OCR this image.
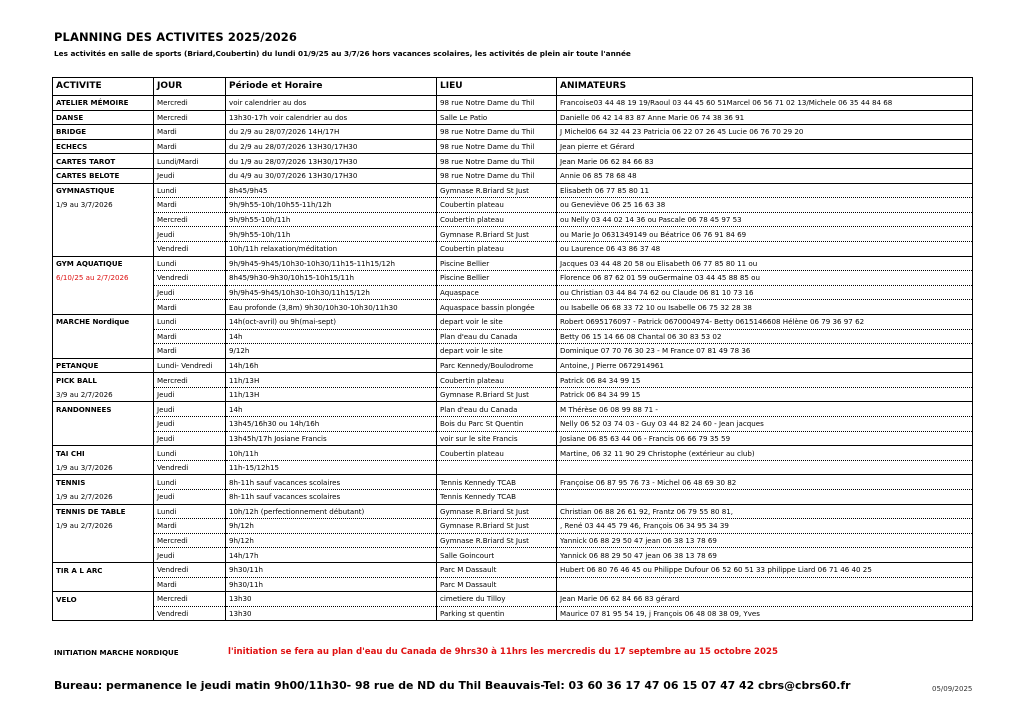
PLANNING DES ACTIVITES 2025/2026
Les activités en salle de sports (Briard,Coubertin) du lundi 01/9/25 au 3/7/26 hors vacances scolaires, les activités de plein air toute l'année
ACTIVITE	JOUR	Période et Horaire	LIEU	ANIMATEURS
ATELIER MÉMOIRE	Mercredi	voir calendrier au dos	98 rue Notre Dame du Thil	Francoise03 44 48 19 19/Raoul 03 44 45 60 51Marcel 06 56 71 02 13/Michele 06 35 44 84 68
DANSE	Mercredi	13h30-17h voir calendrier au dos	Salle Le Patio	Danielle 06 42 14 83 87 Anne Marie 06 74 38 36 91
BRIDGE	Mardi	du 2/9 au 28/07/2026 14H/17H	98 rue Notre Dame du Thil	J Michel06 64 32 44 23 Patricia 06 22 07 26 45 Lucie 06 76 70 29 20
ECHECS	Mardi	du 2/9 au 28/07/2026 13H30/17H30	98 rue Notre Dame du Thil	Jean pierre et Gérard
CARTES TAROT	Lundi/Mardi	du 1/9 au 28/07/2026 13H30/17H30	98 rue Notre Dame du Thil	Jean Marie 06 62 84 66 83
CARTES BELOTE	Jeudi	du 4/9 au 30/07/2026 13H30/17H30	98 rue Notre Dame du Thil	Annie 06 85 78 68 48
GYMNASTIQUE	Lundi	8h45/9h45	Gymnase R.Briard St Just	Elisabeth 06 77 85 80 11
1/9 au 3/7/2026	Mardi	9h/9h55-10h/10h55-11h/12h	Coubertin plateau	ou Geneviève 06 25 16 63 38
	Mercredi	9h/9h55-10h/11h	Coubertin plateau	ou Nelly 03 44 02 14 36 ou Pascale 06 78 45 97 53
	Jeudi	9h/9h55-10h/11h	Gymnase R.Briard St Just	ou Marie Jo 0631349149 ou Béatrice 06 76 91 84 69
	Vendredi	10h/11h relaxation/méditation	Coubertin plateau	ou Laurence 06 43 86 37 48
GYM AQUATIQUE	Lundi	9h/9h45-9h45/10h30-10h30/11h15-11h15/12h	Piscine Bellier	Jacques 03 44 48 20 58 ou Elisabeth 06 77 85 80 11 ou
6/10/25 au 2/7/2026	Vendredi	8h45/9h30-9h30/10h15-10h15/11h	Piscine Bellier	Florence 06 87 62 01 59 ouGermaine 03 44 45 88 85 ou
	Jeudi	9h/9h45-9h45/10h30-10h30/11h15/12h	Aquaspace	ou Christian 03 44 84 74 62 ou Claude 06 81 10 73 16
	Mardi	Eau profonde (3,8m) 9h30/10h30-10h30/11h30	Aquaspace bassin plongée	ou Isabelle 06 68 33 72 10 ou Isabelle 06 75 32 28 38
MARCHE Nordique	Lundi	14h(oct-avril) ou 9h(mai-sept)	depart voir le site	Robert 0695176097 - Patrick 0670004974- Betty 0615146608 Hélène 06 79 36 97 62
	Mardi	14h	Plan d'eau du Canada	Betty 06 15 14 66 08 Chantal 06 30 83 53 02
	Mardi	9/12h	depart voir le site	Dominique 07 70 76 30 23 - M France 07 81 49 78 36
PETANQUE	Lundi- Vendredi	14h/16h	Parc Kennedy/Boulodrome	Antoine, J Pierre 0672914961
PICK BALL	Mercredi	11h/13H	Coubertin plateau	Patrick 06 84 34 99 15
3/9 au 2/7/2026	Jeudi	11h/13H	Gymnase R.Briard St Just	Patrick 06 84 34 99 15
RANDONNEES	Jeudi	14h	Plan d'eau du Canada	M Thérèse 06 08 99 88 71 -
	Jeudi	13h45/16h30 ou 14h/16h	Bois du Parc St Quentin	Nelly 06 52 03 74 03 - Guy 03 44 82 24 60 - Jean jacques
	Jeudi	13h45h/17h Josiane Francis	voir sur le site Francis	Josiane 06 85 63 44 06 - Francis 06 66 79 35 59
TAI CHI	Lundi	10h/11h	Coubertin plateau	Martine, 06 32 11 90 29 Christophe (extérieur au club)
1/9 au 3/7/2026	Vendredi	11h-15/12h15		
TENNIS	Lundi	8h-11h sauf vacances scolaires	Tennis Kennedy TCAB	Françoise 06 87 95 76 73 - Michel 06 48 69 30 82
1/9 au 2/7/2026	Jeudi	8h-11h sauf vacances scolaires	Tennis Kennedy TCAB	
TENNIS DE TABLE	Lundi	10h/12h (perfectionnement débutant)	Gymnase R.Briard St Just	Christian 06 88 26 61 92, Frantz 06 79 55 80 81,
1/9 au 2/7/2026	Mardi	9h/12h	Gymnase R.Briard St Just	, René 03 44 45 79 46, François 06 34 95 34 39
	Mercredi	9h/12h	Gymnase R.Briard St Just	Yannick 06 88 29 50 47 jean 06 38 13 78 69
	Jeudi	14h/17h	Salle Goincourt	Yannick 06 88 29 50 47 jean 06 38 13 78 69
TIR A L ARC	Vendredi	9h30/11h	Parc M Dassault	Hubert 06 80 76 46 45 ou Philippe Dufour 06 52 60 51 33 philippe Liard 06 71 46 40 25
	Mardi	9h30/11h	Parc M Dassault	
VELO	Mercredi	13h30	cimetiere du Tilloy	Jean Marie 06 62 84 66 83 gérard
	Vendredi	13h30	Parking st quentin	Maurice 07 81 95 54 19, j François 06 48 08 38 09, Yves
INITIATION MARCHE NORDIQUE	l'initiation se fera au plan d'eau du Canada de 9hrs30 à 11hrs les mercredis du 17 septembre au 15 octobre 2025
Bureau: permanence le jeudi matin 9h00/11h30- 98 rue de ND du Thil Beauvais-Tel: 03 60 36 17 47 06 15 07 47 42 cbrs@cbrs60.fr	05/09/2025
